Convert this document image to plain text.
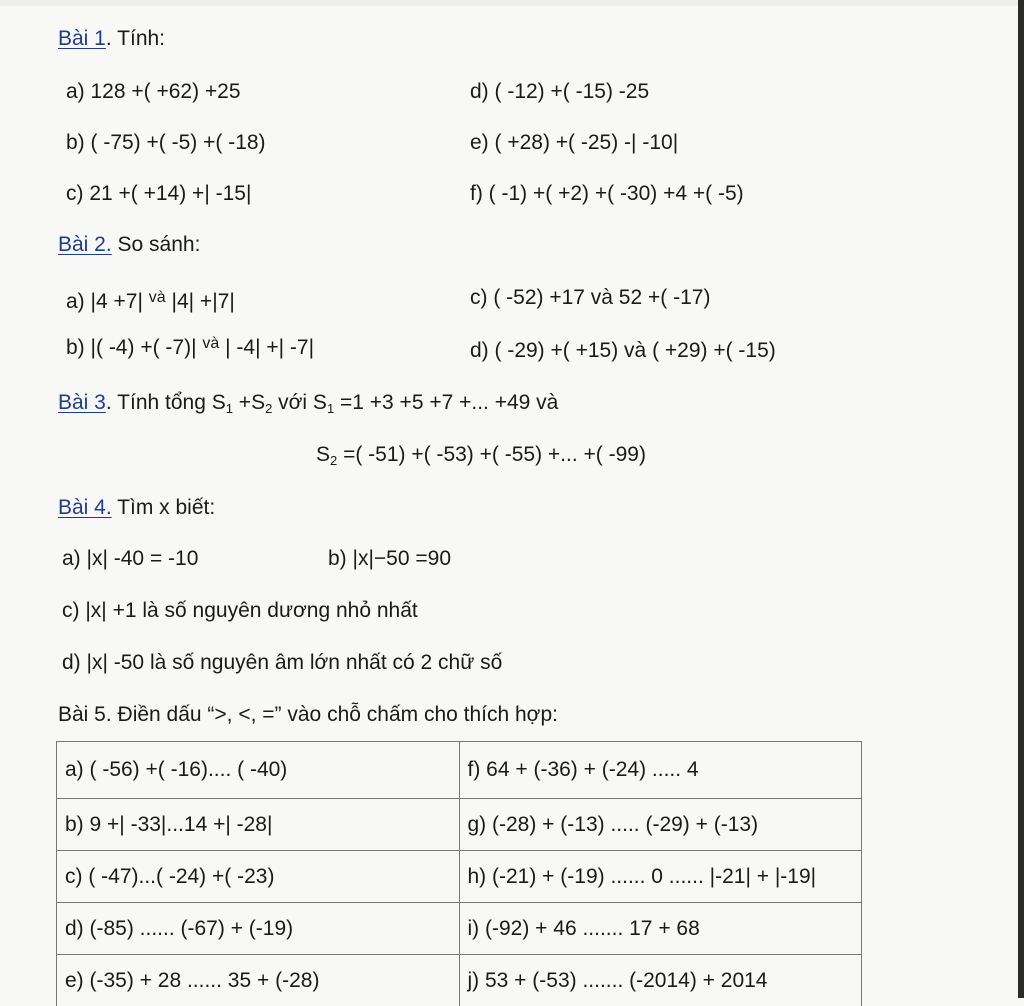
Bài 1. Tính:
a) 128 +( +62) +25
b) ( -75) +( -5) +( -18)
c) 21 +( +14) +| -15|
d) ( -12) +( -15) -25
e) ( +28) +( -25) -| -10|
f) ( -1) +( +2) +( -30) +4 +( -5)
Bài 2. So sánh:
a) |4 +7| $^{và}$ |4| +|7|
b) |( -4) +( -7)| $^{và}$ | -4| +| -7|
c) ( -52) +17 và 52 +( -17)
d) ( -29) +( +15) và ( +29) +( -15)
Bài 3. Tính tổng $S_1 +S_2$ với $S_1 =1 +3 +5 +7$ +... +49 và
$S_2$ =( -51) +( -53) +( -55) +... +( -99)
Bài 4. Tìm x biết:
a) |x| -40 = -10	b) |x|−50 =90
c) |x| +1 là số nguyên dương nhỏ nhất
d) |x| -50 là số nguyên âm lớn nhất có 2 chữ số
Bài 5. Điền dấu “>, <, =” vào chỗ chấm cho thích hợp:
a) ( -56) +( -16).... ( -40)	f) 64 + (-36) + (-24) ..... 4
b) 9 +| -33|...14 +| -28|	g) (-28) + (-13) ..... (-29) + (-13)
c) ( -47)...( -24) +( -23)	h) (-21) + (-19) ...... 0 ...... |-21| + |-19|
d) (-85) ...... (-67) + (-19)	i) (-92) + 46 ....... 17 + 68
e) (-35) + 28 ...... 35 + (-28)	j) 53 + (-53) ....... (-2014) + 2014
